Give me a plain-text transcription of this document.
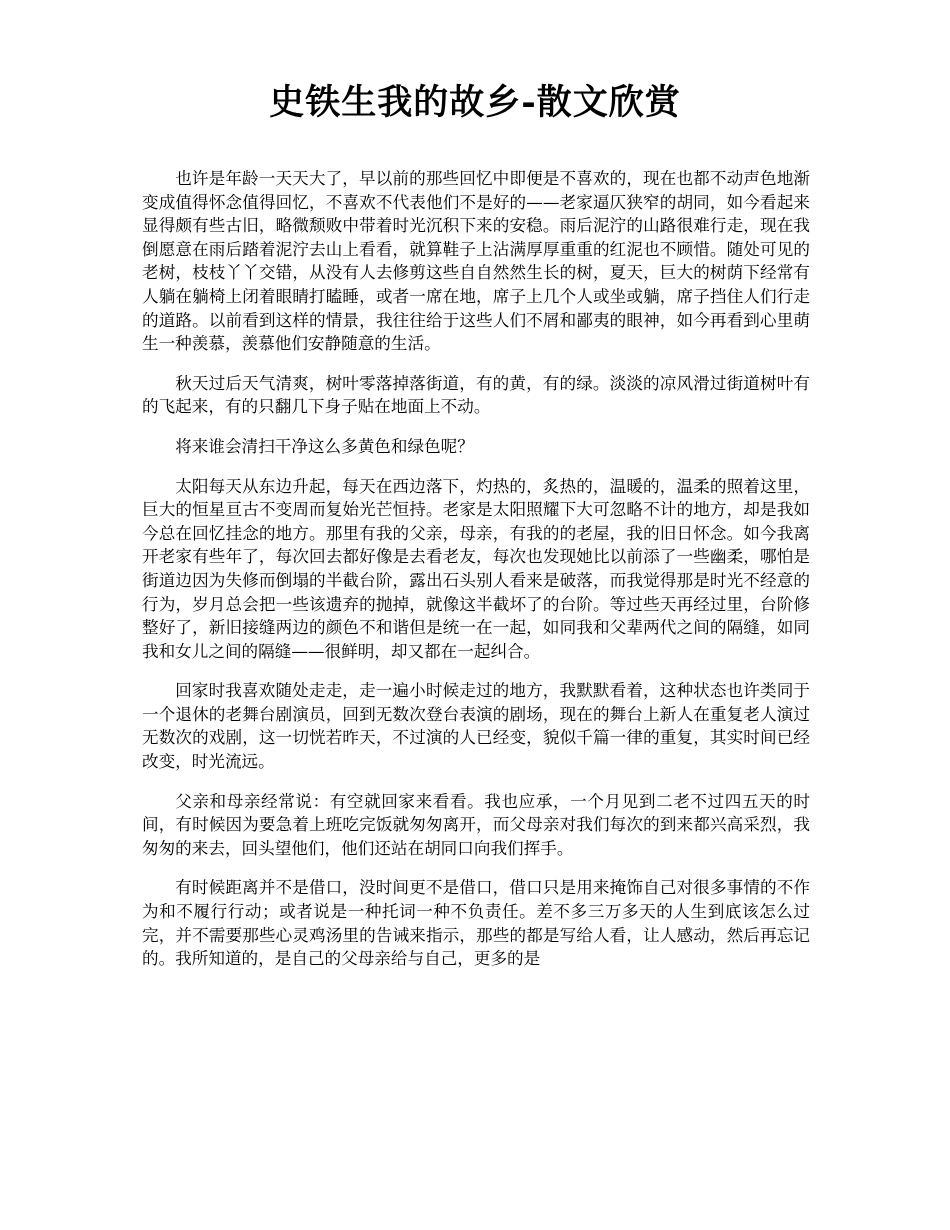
史铁生我的故乡-散文欣赏

也许是年龄一天天大了，早以前的那些回忆中即便是不喜欢的，现在也都不动声色地渐变成值得怀念值得回忆，不喜欢不代表他们不是好的——老家逼仄狭窄的胡同，如今看起来显得颇有些古旧，略微颓败中带着时光沉积下来的安稳。雨后泥泞的山路很难行走，现在我倒愿意在雨后踏着泥泞去山上看看，就算鞋子上沾满厚厚重重的红泥也不顾惜。随处可见的老树，枝枝丫丫交错，从没有人去修剪这些自自然然生长的树，夏天，巨大的树荫下经常有人躺在躺椅上闭着眼睛打瞌睡，或者一席在地，席子上几个人或坐或躺，席子挡住人们行走的道路。以前看到这样的情景，我往往给于这些人们不屑和鄙夷的眼神，如今再看到心里萌生一种羡慕，羡慕他们安静随意的生活。

秋天过后天气清爽，树叶零落掉落街道，有的黄，有的绿。淡淡的凉风滑过街道树叶有的飞起来，有的只翻几下身子贴在地面上不动。

将来谁会清扫干净这么多黄色和绿色呢？

太阳每天从东边升起，每天在西边落下，灼热的，炙热的，温暖的，温柔的照着这里，巨大的恒星亘古不变周而复始光芒恒持。老家是太阳照耀下大可忽略不计的地方，却是我如今总在回忆挂念的地方。那里有我的父亲，母亲，有我的的老屋，我的旧日怀念。如今我离开老家有些年了，每次回去都好像是去看老友，每次也发现她比以前添了一些幽柔，哪怕是街道边因为失修而倒塌的半截台阶，露出石头别人看来是破落，而我觉得那是时光不经意的行为，岁月总会把一些该遗弃的抛掉，就像这半截坏了的台阶。等过些天再经过里，台阶修整好了，新旧接缝两边的颜色不和谐但是统一在一起，如同我和父辈两代之间的隔缝，如同我和女儿之间的隔缝——很鲜明，却又都在一起纠合。

回家时我喜欢随处走走，走一遍小时候走过的地方，我默默看着，这种状态也许类同于一个退休的老舞台剧演员，回到无数次登台表演的剧场，现在的舞台上新人在重复老人演过无数次的戏剧，这一切恍若昨天，不过演的人已经变，貌似千篇一律的重复，其实时间已经改变，时光流远。

父亲和母亲经常说：有空就回家来看看。我也应承，一个月见到二老不过四五天的时间，有时候因为要急着上班吃完饭就匆匆离开，而父母亲对我们每次的到来都兴高采烈，我匆匆的来去，回头望他们，他们还站在胡同口向我们挥手。

有时候距离并不是借口，没时间更不是借口，借口只是用来掩饰自己对很多事情的不作为和不履行行动；或者说是一种托词一种不负责任。差不多三万多天的人生到底该怎么过完，并不需要那些心灵鸡汤里的告诫来指示，那些的都是写给人看，让人感动，然后再忘记的。我所知道的，是自己的父母亲给与自己，更多的是
